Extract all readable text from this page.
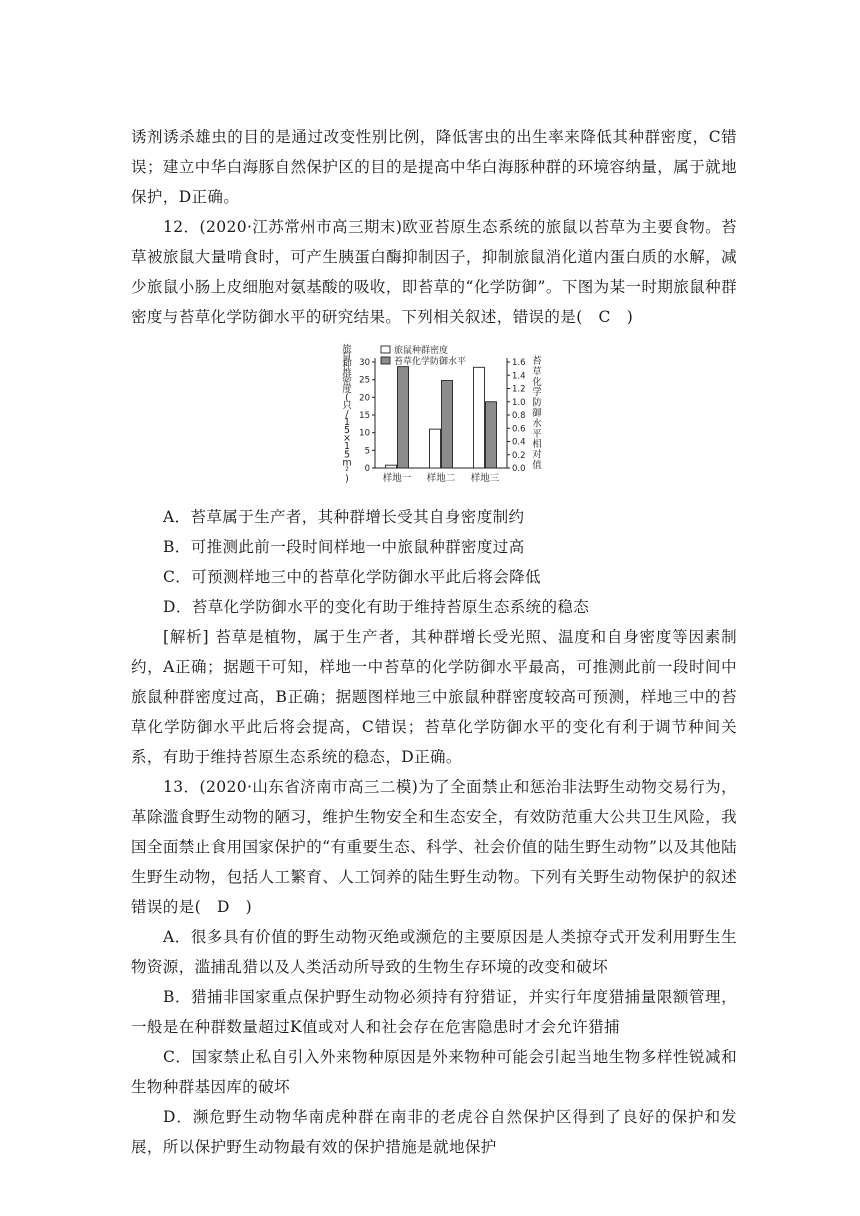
诱剂诱杀雄虫的目的是通过改变性别比例，降低害虫的出生率来降低其种群密度，C错误；建立中华白海豚自然保护区的目的是提高中华白海豚种群的环境容纳量，属于就地保护，D正确。

12．(2020·江苏常州市高三期末)欧亚苔原生态系统的旅鼠以苔草为主要食物。苔草被旅鼠大量啃食时，可产生胰蛋白酶抑制因子，抑制旅鼠消化道内蛋白质的水解，减少旅鼠小肠上皮细胞对氨基酸的吸收，即苔草的“化学防御”。下图为某一时期旅鼠种群密度与苔草化学防御水平的研究结果。下列相关叙述，错误的是(　C　)

0
5
10
15
20
25
30
0.0
0.2
0.4
0.6
0.8
1.0
1.2
1.4
1.6
样地一 样地二 样地三
旅鼠种群密度
苔草化学防御水平
旅鼠种群密度(只/ 1 5 × 1 5 m ² )
苔草化学防御水平相对值

A．苔草属于生产者，其种群增长受其自身密度制约

B．可推测此前一段时间样地一中旅鼠种群密度过高

C．可预测样地三中的苔草化学防御水平此后将会降低

D．苔草化学防御水平的变化有助于维持苔原生态系统的稳态

[解析] 苔草是植物，属于生产者，其种群增长受光照、温度和自身密度等因素制约，A正确；据题干可知，样地一中苔草的化学防御水平最高，可推测此前一段时间中旅鼠种群密度过高，B正确；据题图样地三中旅鼠种群密度较高可预测，样地三中的苔草化学防御水平此后将会提高，C错误；苔草化学防御水平的变化有利于调节种间关系，有助于维持苔原生态系统的稳态，D正确。

13．(2020·山东省济南市高三二模)为了全面禁止和惩治非法野生动物交易行为，革除滥食野生动物的陋习，维护生物安全和生态安全，有效防范重大公共卫生风险，我国全面禁止食用国家保护的“有重要生态、科学、社会价值的陆生野生动物”以及其他陆生野生动物，包括人工繁育、人工饲养的陆生野生动物。下列有关野生动物保护的叙述错误的是(　D　)

A．很多具有价值的野生动物灭绝或濒危的主要原因是人类掠夺式开发利用野生生物资源，滥捕乱猎以及人类活动所导致的生物生存环境的改变和破坏

B．猎捕非国家重点保护野生动物必须持有狩猎证，并实行年度猎捕量限额管理，一般是在种群数量超过K值或对人和社会存在危害隐患时才会允许猎捕

C．国家禁止私自引入外来物种原因是外来物种可能会引起当地生物多样性锐减和生物种群基因库的破坏

D．濒危野生动物华南虎种群在南非的老虎谷自然保护区得到了良好的保护和发展，所以保护野生动物最有效的保护措施是就地保护
